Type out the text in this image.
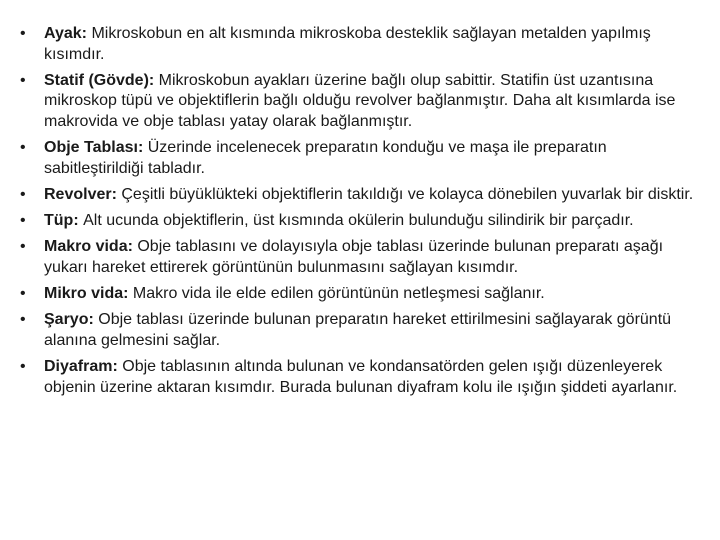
• Ayak: Mikroskobun en alt kısmında mikroskoba desteklik sağlayan metalden yapılmış kısımdır.
• Statif (Gövde): Mikroskobun ayakları üzerine bağlı olup sabittir. Statifin üst uzantısına mikroskop tüpü ve objektiflerin bağlı olduğu revolver bağlanmıştır. Daha alt kısımlarda ise makrovida ve obje tablası yatay olarak bağlanmıştır.
• Obje Tablası: Üzerinde incelenecek preparatın konduğu ve maşa ile preparatın sabitleştirildiği tabladır.
• Revolver: Çeşitli büyüklükteki objektiflerin takıldığı ve kolayca dönebilen yuvarlak bir disktir.
• Tüp: Alt ucunda objektiflerin, üst kısmında okülerin bulunduğu silindirik bir parçadır.
• Makro vida: Obje tablasını ve dolayısıyla obje tablası üzerinde bulunan preparatı aşağı yukarı hareket ettirerek görüntünün bulunmasını sağlayan kısımdır.
• Mikro vida: Makro vida ile elde edilen görüntünün netleşmesi sağlanır.
• Şaryo: Obje tablası üzerinde bulunan preparatın hareket ettirilmesini sağlayarak görüntü alanına gelmesini sağlar.
• Diyafram: Obje tablasının altında bulunan ve kondansatörden gelen ışığı düzenleyerek objenin üzerine aktaran kısımdır. Burada bulunan diyafram kolu ile ışığın şiddeti ayarlanır.
